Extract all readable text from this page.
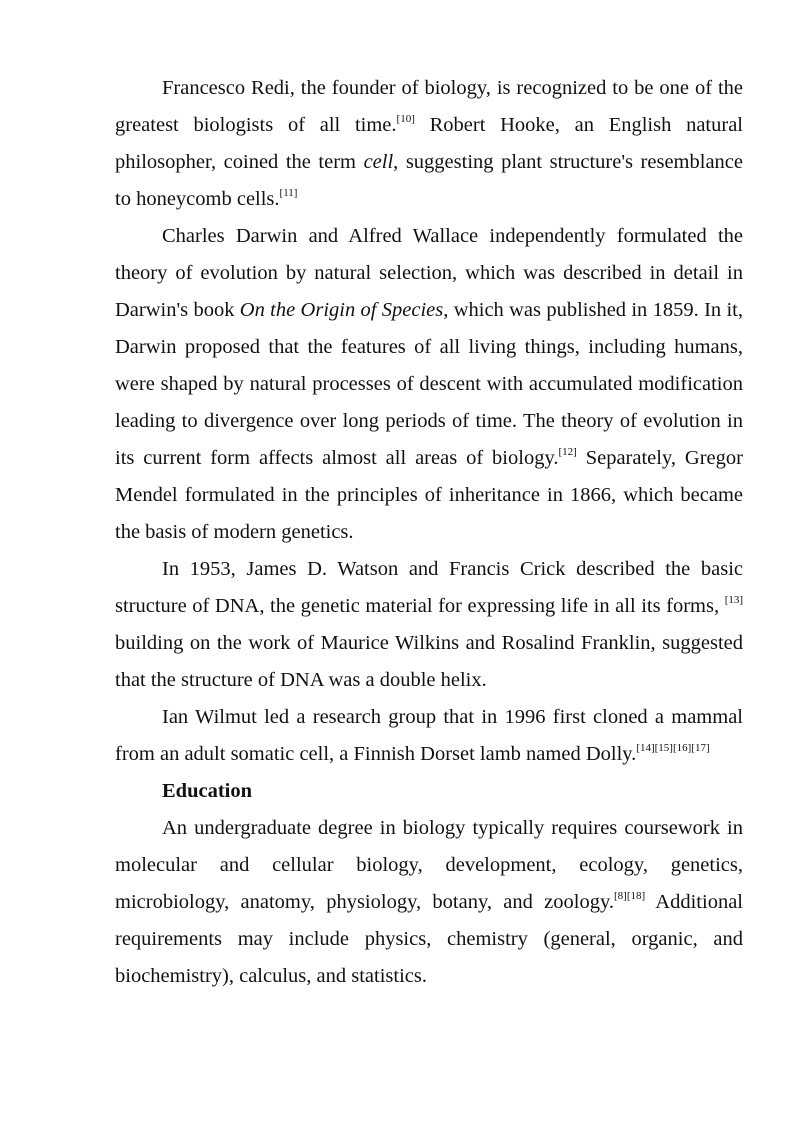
Francesco Redi, the founder of biology, is recognized to be one of the greatest biologists of all time.[10] Robert Hooke, an English natural philosopher, coined the term cell, suggesting plant structure's resemblance to honeycomb cells.[11]

Charles Darwin and Alfred Wallace independently formulated the theory of evolution by natural selection, which was described in detail in Darwin's book On the Origin of Species, which was published in 1859. In it, Darwin proposed that the features of all living things, including humans, were shaped by natural processes of descent with accumulated modification leading to divergence over long periods of time. The theory of evolution in its current form affects almost all areas of biology.[12] Separately, Gregor Mendel formulated in the principles of inheritance in 1866, which became the basis of modern genetics.

In 1953, James D. Watson and Francis Crick described the basic structure of DNA, the genetic material for expressing life in all its forms, [13] building on the work of Maurice Wilkins and Rosalind Franklin, suggested that the structure of DNA was a double helix.

Ian Wilmut led a research group that in 1996 first cloned a mammal from an adult somatic cell, a Finnish Dorset lamb named Dolly.[14][15][16][17]

Education

An undergraduate degree in biology typically requires coursework in molecular and cellular biology, development, ecology, genetics, microbiology, anatomy, physiology, botany, and zoology.[8][18] Additional requirements may include physics, chemistry (general, organic, and biochemistry), calculus, and statistics.
